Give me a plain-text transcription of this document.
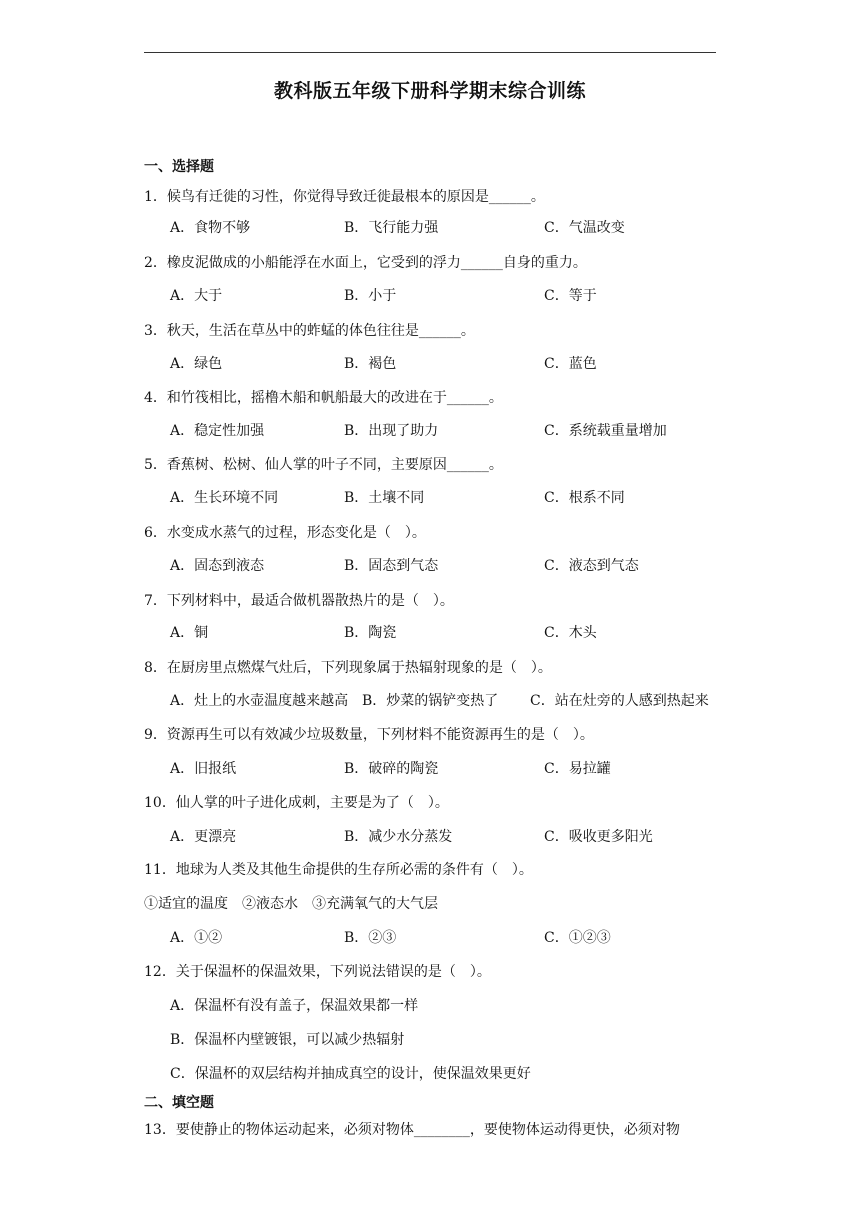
教科版五年级下册科学期末综合训练
一、选择题
1．候鸟有迁徙的习性，你觉得导致迁徙最根本的原因是______。
A．食物不够	B．飞行能力强	C．气温改变
2．橡皮泥做成的小船能浮在水面上，它受到的浮力______自身的重力。
A．大于	B．小于	C．等于
3．秋天，生活在草丛中的蚱蜢的体色往往是______。
A．绿色	B．褐色	C．蓝色
4．和竹筏相比，摇橹木船和帆船最大的改进在于______。
A．稳定性加强	B．出现了助力	C．系统载重量增加
5．香蕉树、松树、仙人掌的叶子不同，主要原因______。
A．生长环境不同	B．土壤不同	C．根系不同
6．水变成水蒸气的过程，形态变化是（　）。
A．固态到液态	B．固态到气态	C．液态到气态
7．下列材料中，最适合做机器散热片的是（　）。
A．铜	B．陶瓷	C．木头
8．在厨房里点燃煤气灶后，下列现象属于热辐射现象的是（　）。
A．灶上的水壶温度越来越高 B．炒菜的锅铲变热了 C．站在灶旁的人感到热起来
9．资源再生可以有效减少垃圾数量，下列材料不能资源再生的是（　）。
A．旧报纸	B．破碎的陶瓷	C．易拉罐
10．仙人掌的叶子进化成刺，主要是为了（　）。
A．更漂亮	B．减少水分蒸发	C．吸收更多阳光
11．地球为人类及其他生命提供的生存所必需的条件有（　）。
①适宜的温度　②液态水　③充满氧气的大气层
A．①②	B．②③	C．①②③
12．关于保温杯的保温效果，下列说法错误的是（　）。
A．保温杯有没有盖子，保温效果都一样
B．保温杯内壁镀银，可以减少热辐射
C．保温杯的双层结构并抽成真空的设计，使保温效果更好
二、填空题
13．要使静止的物体运动起来，必须对物体________，要使物体运动得更快，必须对物
